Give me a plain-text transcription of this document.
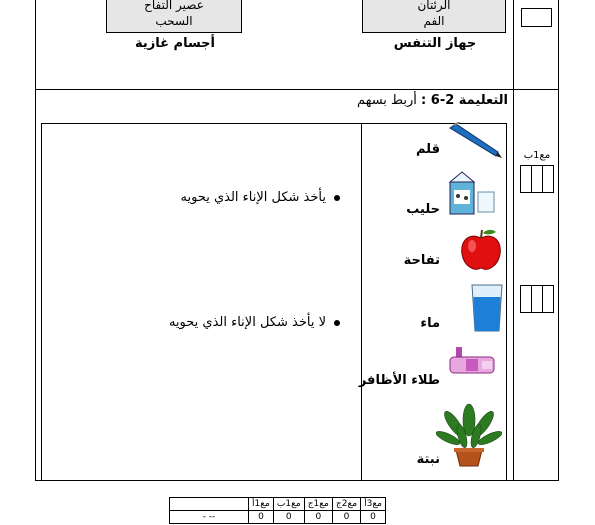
عصير التفاح
السحب
أجسام غازية
الرئتان
الفم
جهاز التنفس
التعليمة 2-6 : أربط بسهم
مع1ب
يأخذ شكل الإناء الذي يحويه
لا يأخذ شكل الإناء الذي يحويه
قلم
حليب
تفاحة
ماء
طلاء الأظافر
نبتة
	مع1أ	مع1ب	مع1ج	مع2ج	مع3أ
- --	0	0	0	0	0
